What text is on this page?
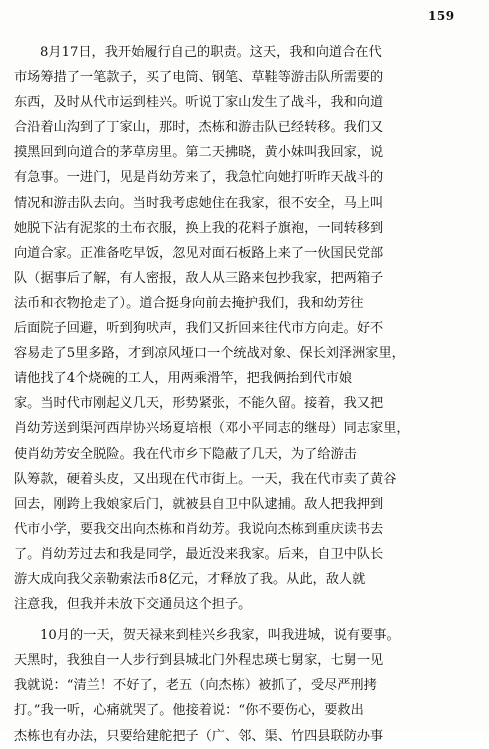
159
8月17日，我开始履行自己的职责。这天，我和向道合在代
市场筹措了一笔款子，买了电筒、钢笔、草鞋等游击队所需要的
东西，及时从代市运到桂兴。听说丁家山发生了战斗，我和向道
合沿着山沟到了丁家山，那时，杰栋和游击队已经转移。我们又
摸黑回到向道合的茅草房里。第二天拂晓，黄小妹叫我回家，说
有急事。一进门，见是肖幼芳来了，我急忙向她打听昨天战斗的
情况和游击队去向。当时我考虑她住在我家，很不安全，马上叫
她脱下沾有泥浆的土布衣服，换上我的花料子旗袍，一同转移到
向道合家。正准备吃早饭，忽见对面石板路上来了一伙国民党部
队（据事后了解，有人密报，敌人从三路来包抄我家，把两箱子
法币和衣物抢走了）。道合挺身向前去掩护我们，我和幼芳往
后面院子回避，听到狗吠声，我们又折回来往代市方向走。好不
容易走了5里多路，才到凉风垭口一个统战对象、保长刘泽洲家里，
请他找了4个烧碗的工人，用两乘滑竿，把我俩抬到代市娘
家。当时代市刚起义几天，形势紧张，不能久留。接着，我又把
肖幼芳送到渠河西岸协兴场夏培根（邓小平同志的继母）同志家里，
使肖幼芳安全脱险。我在代市乡下隐蔽了几天，为了给游击
队筹款，硬着头皮，又出现在代市街上。一天，我在代市卖了黄谷
回去，刚跨上我娘家后门，就被县自卫中队逮捕。敌人把我押到
代市小学，要我交出向杰栋和肖幼芳。我说向杰栋到重庆读书去
了。肖幼芳过去和我是同学，最近没来我家。后来，自卫中队长
游大成向我父亲勒索法币8亿元，才释放了我。从此，敌人就
注意我，但我并未放下交通员这个担子。
10月的一天，贺天禄来到桂兴乡我家，叫我进城，说有要事。
天黑时，我独自一人步行到县城北门外程忠瑛七舅家，七舅一见
我就说：“清兰！不好了，老五（向杰栋）被抓了，受尽严刑拷
打。”我一听，心痛就哭了。他接着说：“你不要伤心，要救出
杰栋也有办法，只要给建舵把子（广、邻、渠、竹四县联防办事
